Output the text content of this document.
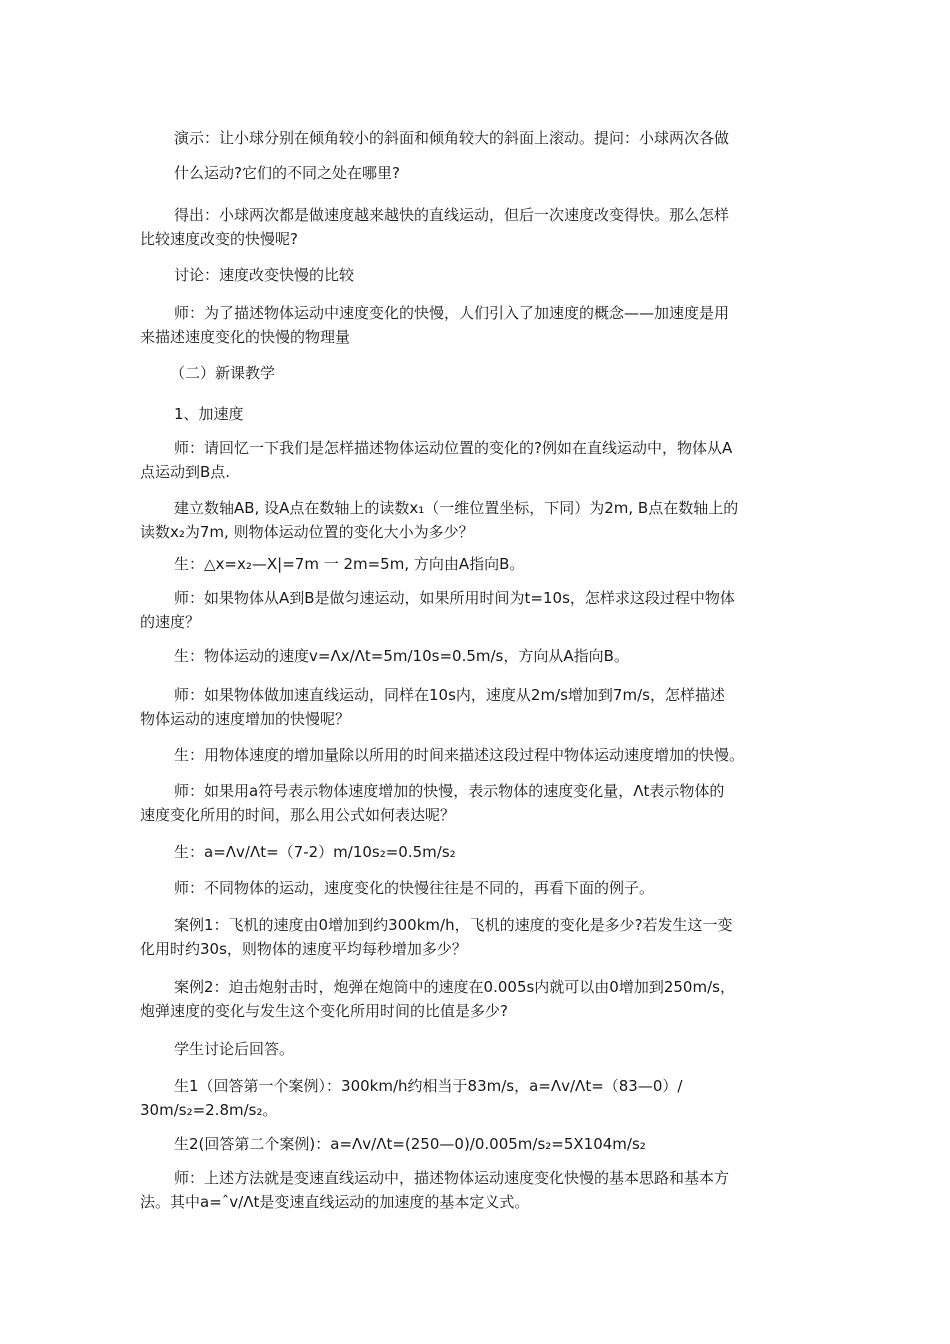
演示：让小球分别在倾角较小的斜面和倾角较大的斜面上滚动。提问：小球两次各做

什么运动?它们的不同之处在哪里?

得出：小球两次都是做速度越来越快的直线运动，但后一次速度改变得快。那么怎样

比较速度改变的快慢呢?

讨论：速度改变快慢的比较

师：为了描述物体运动中速度变化的快慢，人们引入了加速度的概念——加速度是用

来描述速度变化的快慢的物理量

（二）新课教学

1、加速度

师：请回忆一下我们是怎样描述物体运动位置的变化的?例如在直线运动中，物体从A

点运动到B点.

建立数轴AB, 设A点在数轴上的读数x₁（一维位置坐标，下同）为2m, B点在数轴上的

读数x₂为7m, 则物体运动位置的变化大小为多少？

生：△x=x₂—X|=7m 一 2m=5m, 方向由A指向B。

师：如果物体从A到B是做匀速运动，如果所用时间为t=10s，怎样求这段过程中物体

的速度？

生：物体运动的速度v=Λx/Λt=5m/10s=0.5m/s，方向从A指向B。

师：如果物体做加速直线运动，同样在10s内，速度从2m/s增加到7m/s，怎样描述

物体运动的速度增加的快慢呢？

生：用物体速度的增加量除以所用的时间来描述这段过程中物体运动速度增加的快慢。

师：如果用a符号表示物体速度增加的快慢，表示物体的速度变化量，Λt表示物体的

速度变化所用的时间，那么用公式如何表达呢？

生：a=Λv/Λt=（7-2）m/10s₂=0.5m/s₂

师：不同物体的运动，速度变化的快慢往往是不同的，再看下面的例子。

案例1：飞机的速度由0增加到约300km/h，飞机的速度的变化是多少?若发生这一变

化用时约30s，则物体的速度平均每秒增加多少？

案例2：迫击炮射击时，炮弹在炮筒中的速度在0.005s内就可以由0增加到250m/s，

炮弹速度的变化与发生这个变化所用时间的比值是多少?

学生讨论后回答。

生1（回答第一个案例）：300km/h约相当于83m/s，a=Λv/Λt=（83—0）/

30m/s₂=2.8m/s₂。

生2(回答第二个案例)：a=Λv/Λt=(250—0)/0.005m/s₂=5X104m/s₂

师：上述方法就是变速直线运动中，描述物体运动速度变化快慢的基本思路和基本方

法。其中a=ˆv/Λt是变速直线运动的加速度的基本定义式。
